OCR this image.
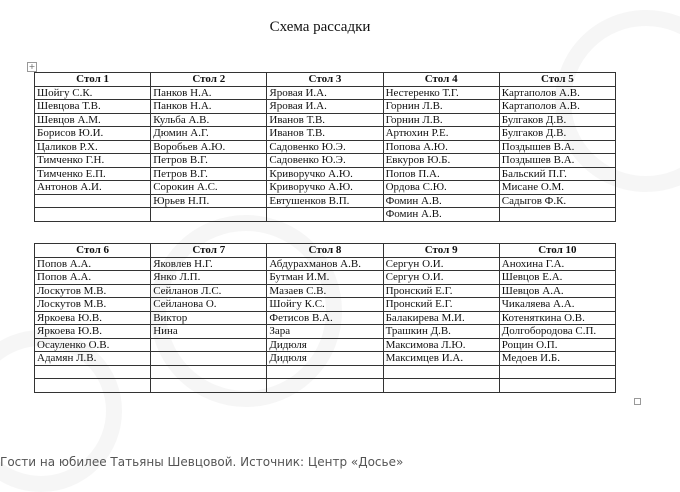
Схема рассадки
+
Стол 1	Стол 2	Стол 3	Стол 4	Стол 5
Шойгу С.К.	Панков Н.А.	Яровая И.А.	Нестеренко Т.Г.	Картаполов А.В.
Шевцова Т.В.	Панков Н.А.	Яровая И.А.	Горнин Л.В.	Картаполов А.В.
Шевцов А.М.	Кульба А.В.	Иванов Т.В.	Горнин Л.В.	Булгаков Д.В.
Борисов Ю.И.	Дюмин А.Г.	Иванов Т.В.	Артюхин Р.Е.	Булгаков Д.В.
Цаликов Р.Х.	Воробьев А.Ю.	Садовенко Ю.Э.	Попова А.Ю.	Поздышев В.А.
Тимченко Г.Н.	Петров В.Г.	Садовенко Ю.Э.	Евкуров Ю.Б.	Поздышев В.А.
Тимченко Е.П.	Петров В.Г.	Криворучко А.Ю.	Попов П.А.	Бальский П.Г.
Антонов А.И.	Сорокин А.С.	Криворучко А.Ю.	Ордова С.Ю.	Мисане О.М.
	Юрьев Н.П.	Евтушенков В.П.	Фомин А.В.	Садыгов Ф.К.
			Фомин А.В.	
Стол 6	Стол 7	Стол 8	Стол 9	Стол 10
Попов А.А.	Яковлев Н.Г.	Абдурахманов А.В.	Сергун О.И.	Анохина Г.А.
Попов А.А.	Янко Л.П.	Бутман И.М.	Сергун О.И.	Шевцов Е.А.
Лоскутов М.В.	Сейланов Л.С.	Мазаев С.В.	Пронский Е.Г.	Шевцов А.А.
Лоскутов М.В.	Сейланова О.	Шойгу К.С.	Пронский Е.Г.	Чикаляева А.А.
Яркоева Ю.В.	Виктор	Фетисов В.А.	Балакирева М.И.	Котеняткина О.В.
Яркоева Ю.В.	Нина	Зара	Трашкин Д.В.	Долгобородова С.П.
Осауленко О.В.		Дидюля	Максимова Л.Ю.	Рощин О.П.
Адамян Л.В.		Дидюля	Максимцев И.А.	Медоев И.Б.

Гости на юбилее Татьяны Шевцовой. Источник: Центр «Досье»
